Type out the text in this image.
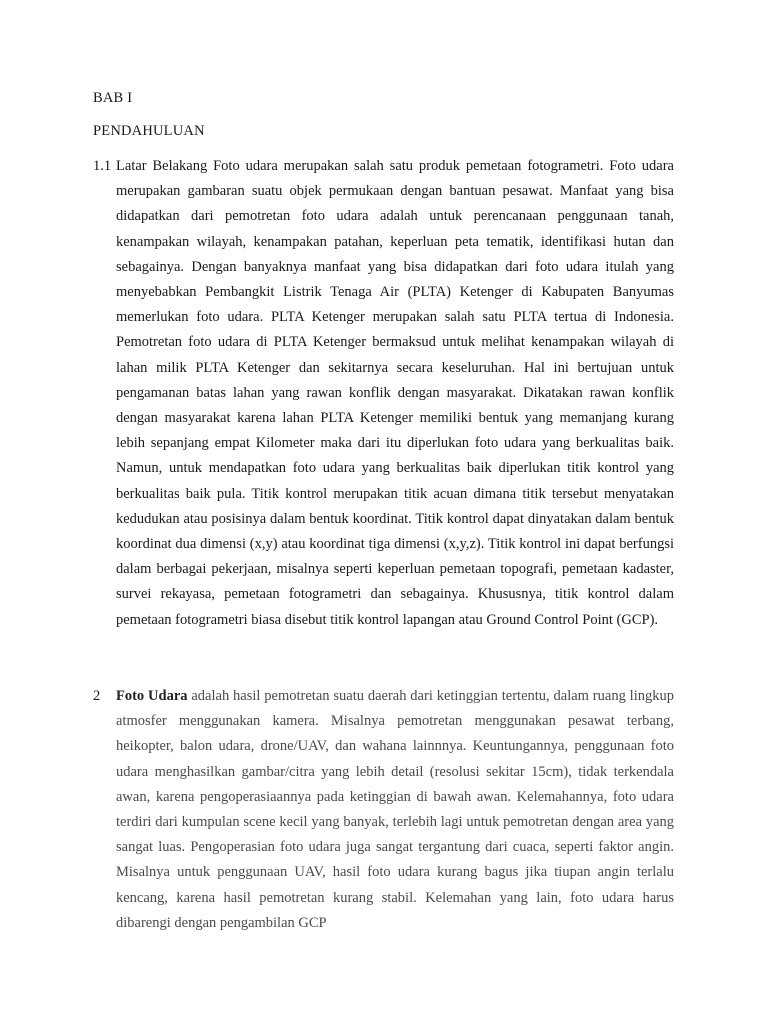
BAB I
PENDAHULUAN
1.1 Latar Belakang Foto udara merupakan salah satu produk pemetaan fotogrametri. Foto udara merupakan gambaran suatu objek permukaan dengan bantuan pesawat. Manfaat yang bisa didapatkan dari pemotretan foto udara adalah untuk perencanaan penggunaan tanah, kenampakan wilayah, kenampakan patahan, keperluan peta tematik, identifikasi hutan dan sebagainya. Dengan banyaknya manfaat yang bisa didapatkan dari foto udara itulah yang menyebabkan Pembangkit Listrik Tenaga Air (PLTA) Ketenger di Kabupaten Banyumas memerlukan foto udara. PLTA Ketenger merupakan salah satu PLTA tertua di Indonesia. Pemotretan foto udara di PLTA Ketenger bermaksud untuk melihat kenampakan wilayah di lahan milik PLTA Ketenger dan sekitarnya secara keseluruhan. Hal ini bertujuan untuk pengamanan batas lahan yang rawan konflik dengan masyarakat. Dikatakan rawan konflik dengan masyarakat karena lahan PLTA Ketenger memiliki bentuk yang memanjang kurang lebih sepanjang empat Kilometer maka dari itu diperlukan foto udara yang berkualitas baik. Namun, untuk mendapatkan foto udara yang berkualitas baik diperlukan titik kontrol yang berkualitas baik pula. Titik kontrol merupakan titik acuan dimana titik tersebut menyatakan kedudukan atau posisinya dalam bentuk koordinat. Titik kontrol dapat dinyatakan dalam bentuk koordinat dua dimensi (x,y) atau koordinat tiga dimensi (x,y,z). Titik kontrol ini dapat berfungsi dalam berbagai pekerjaan, misalnya seperti keperluan pemetaan topografi, pemetaan kadaster, survei rekayasa, pemetaan fotogrametri dan sebagainya. Khususnya, titik kontrol dalam pemetaan fotogrametri biasa disebut titik kontrol lapangan atau Ground Control Point (GCP).

2 Foto Udara adalah hasil pemotretan suatu daerah dari ketinggian tertentu, dalam ruang lingkup atmosfer menggunakan kamera. Misalnya pemotretan menggunakan pesawat terbang, heikopter, balon udara, drone/UAV, dan wahana lainnnya. Keuntungannya, penggunaan foto udara menghasilkan gambar/citra yang lebih detail (resolusi sekitar 15cm), tidak terkendala awan, karena pengoperasiaannya pada ketinggian di bawah awan. Kelemahannya, foto udara terdiri dari kumpulan scene kecil yang banyak, terlebih lagi untuk pemotretan dengan area yang sangat luas. Pengoperasian foto udara juga sangat tergantung dari cuaca, seperti faktor angin. Misalnya untuk penggunaan UAV, hasil foto udara kurang bagus jika tiupan angin terlalu kencang, karena hasil pemotretan kurang stabil. Kelemahan yang lain, foto udara harus dibarengi dengan pengambilan GCP
